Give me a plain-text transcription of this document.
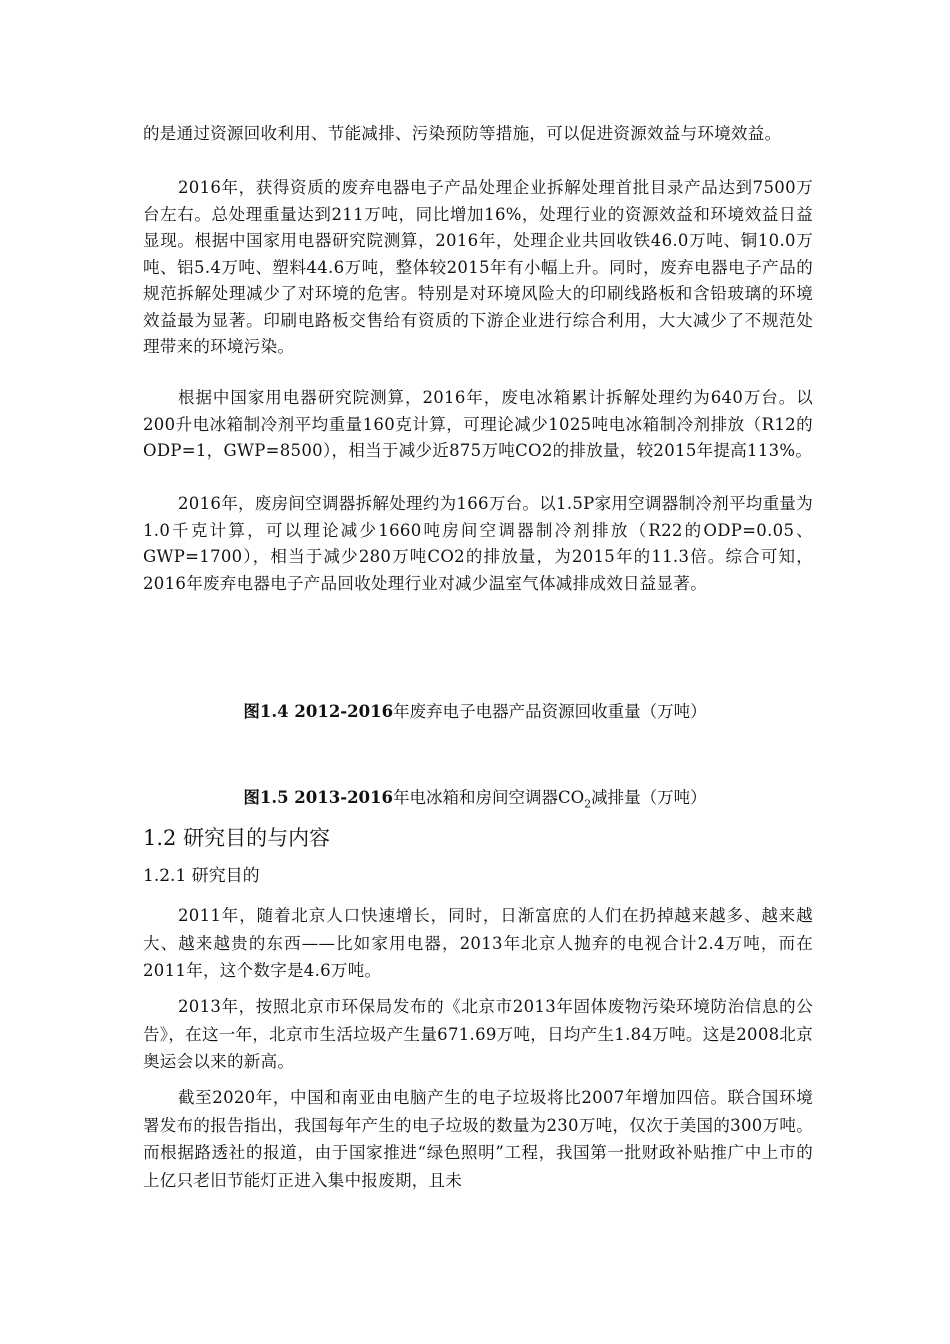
的是通过资源回收利用、节能减排、污染预防等措施，可以促进资源效益与环境效益。

2016年，获得资质的废弃电器电子产品处理企业拆解处理首批目录产品达到7500万台左右。总处理重量达到211万吨，同比增加16%，处理行业的资源效益和环境效益日益显现。根据中国家用电器研究院测算，2016年，处理企业共回收铁46.0万吨、铜10.0万吨、铝5.4万吨、塑料44.6万吨，整体较2015年有小幅上升。同时，废弃电器电子产品的规范拆解处理减少了对环境的危害。特别是对环境风险大的印刷线路板和含铅玻璃的环境效益最为显著。印刷电路板交售给有资质的下游企业进行综合利用，大大减少了不规范处理带来的环境污染。

根据中国家用电器研究院测算，2016年，废电冰箱累计拆解处理约为640万台。以200升电冰箱制冷剂平均重量160克计算，可理论减少1025吨电冰箱制冷剂排放（R12的ODP=1，GWP=8500），相当于减少近875万吨CO2的排放量，较2015年提高113%。

2016年，废房间空调器拆解处理约为166万台。以1.5P家用空调器制冷剂平均重量为1.0千克计算，可以理论减少1660吨房间空调器制冷剂排放（R22的ODP=0.05、GWP=1700），相当于减少280万吨CO2的排放量，为2015年的11.3倍。综合可知，2016年废弃电器电子产品回收处理行业对减少温室气体减排成效日益显著。

图1.4 2012-2016年废弃电子电器产品资源回收重量（万吨）

图1.5 2013-2016年电冰箱和房间空调器$CO_2$减排量（万吨）

1.2 研究目的与内容
1.2.1 研究目的

2011年，随着北京人口快速增长，同时，日渐富庶的人们在扔掉越来越多、越来越大、越来越贵的东西——比如家用电器，2013年北京人抛弃的电视合计2.4万吨，而在2011年，这个数字是4.6万吨。

2013年，按照北京市环保局发布的《北京市2013年固体废物污染环境防治信息的公告》，在这一年，北京市生活垃圾产生量671.69万吨，日均产生1.84万吨。这是2008北京奥运会以来的新高。

截至2020年，中国和南亚由电脑产生的电子垃圾将比2007年增加四倍。联合国环境署发布的报告指出，我国每年产生的电子垃圾的数量为230万吨，仅次于美国的300万吨。而根据路透社的报道，由于国家推进“绿色照明”工程，我国第一批财政补贴推广中上市的上亿只老旧节能灯正进入集中报废期，且未
